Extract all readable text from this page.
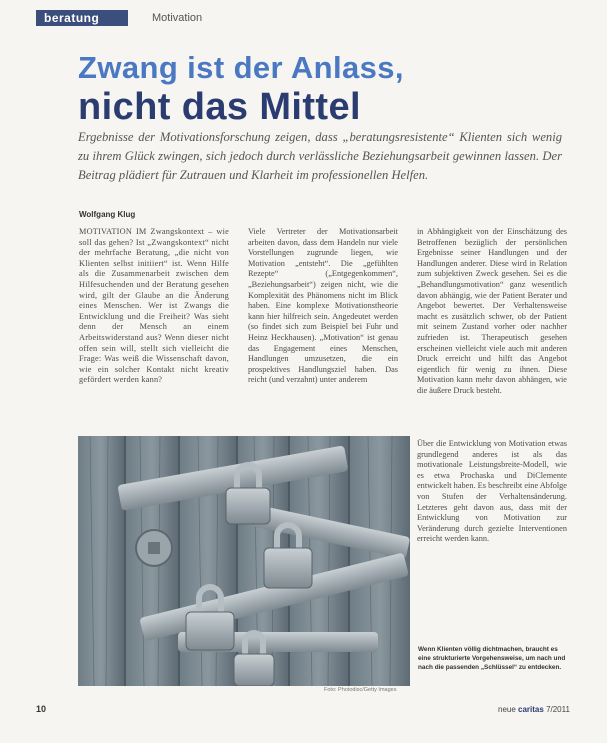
beratung	Motivation
Zwang ist der Anlass,
nicht das Mittel
Ergebnisse der Motivationsforschung zeigen, dass „beratungsresistente“ Klienten sich wenig zu ihrem Glück zwingen, sich jedoch durch verlässliche Beziehungsarbeit gewinnen lassen. Der Beitrag plädiert für Zutrauen und Klarheit im professionellen Helfen.
Wolfgang Klug
MOTIVATION IM Zwangskontext – wie soll das gehen? Ist „Zwangskontext“ nicht der mehrfache Beratung, „die nicht von Klienten selbst initiiert“ ist. Wenn Hilfe als die Zusammenarbeit zwischen dem Hilfesuchenden und der Beratung gesehen wird, gilt der Glaube an die Änderung eines Menschen. Wer ist Zwangs die Entwicklung und die Freiheit? Was sieht denn der Mensch an einem Arbeitswiderstand aus? Wenn dieser nicht offen sein will, stellt sich vielleicht die Frage: Was weiß die Wissenschaft davon, wie ein solcher Kontakt nicht kreativ gefördert werden kann?
Viele Vertreter der Motivationsarbeit arbeiten davon, dass dem Handeln nur viele Vorstellungen zugrunde liegen, wie Motivation „entsteht“. Die „gefühlten Rezepte“ („Entgegenkommen“, „Beziehungsarbeit“) zeigen nicht, wie die Komplexität des Phänomens nicht im Blick haben. Eine komplexe Motivationstheorie kann hier hilfreich sein. Angedeutet werden (so findet sich zum Beispiel bei Fuhr und Heinz Heckhausen). „Motivation“ ist genau das Engagement eines Menschen, Handlungen umzusetzen, die ein prospektives Handlungsziel haben. Das reicht (und verzahnt) unter anderem
in Abhängigkeit von der Einschätzung des Betroffenen bezüglich der persönlichen Ergebnisse seiner Handlungen und der Handlungen anderer. Diese wird in Relation zum subjektiven Zweck gesehen. Sei es die „Behandlungsmotivation“ ganz wesentlich davon abhängig, wie der Patient Berater und Angebot bewertet. Der Verhaltensweise macht es zusätzlich schwer, ob der Patient mit seinem Zustand vorher oder nachher zufrieden ist. Therapeutisch gesehen erscheinen vielleicht viele auch mit anderen Druck erreicht und hilft das Angebot eigentlich für wenig zu ihnen. Diese Motivation kann mehr davon abhängen, wie die äußere Druck besteht.
Über die Entwicklung von Motivation etwas grundlegend anderes ist als das motivationale Leistungsbreite-Modell, wie es etwa Prochaska und DiClemente entwickelt haben. Es beschreibt eine Abfolge von Stufen der Verhaltensänderung. Letzteres geht davon aus, dass mit der Entwicklung von Motivation zur Veränderung durch gezielte Interventionen erreicht werden kann.
Foto: Photodisc/Getty Images
Wenn Klienten völlig dichtmachen, braucht es eine strukturierte Vorgehensweise, um nach und nach die passenden „Schlüssel“ zu entdecken.
10	neue caritas 7/2011
